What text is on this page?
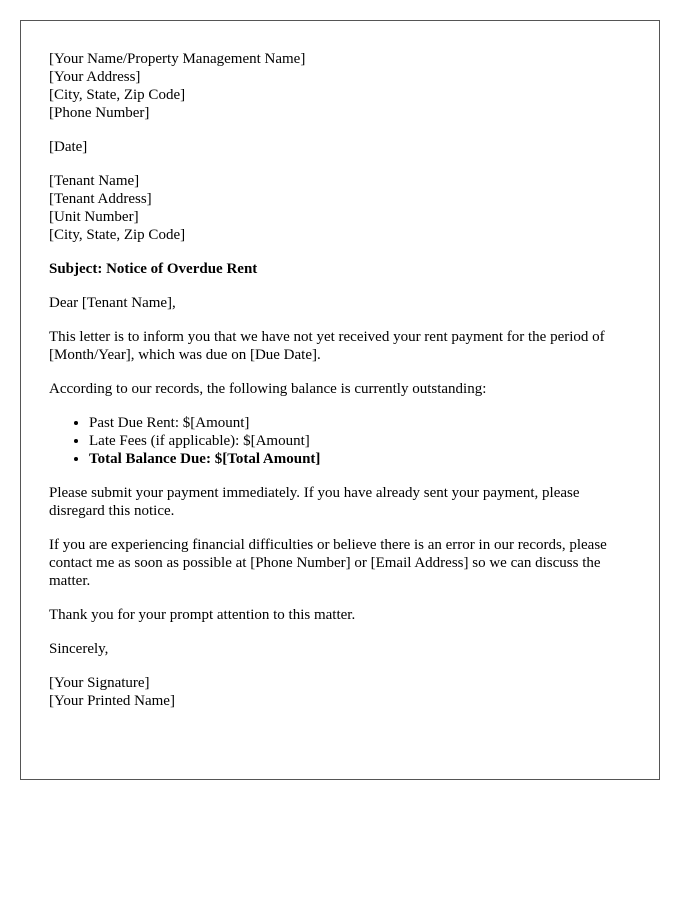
[Your Name/Property Management Name]
[Your Address]
[City, State, Zip Code]
[Phone Number]
[Date]
[Tenant Name]
[Tenant Address]
[Unit Number]
[City, State, Zip Code]

Subject: Notice of Overdue Rent

Dear [Tenant Name],

This letter is to inform you that we have not yet received your rent payment for the period of [Month/Year], which was due on [Due Date].

According to our records, the following balance is currently outstanding:

• Past Due Rent: $[Amount]
• Late Fees (if applicable): $[Amount]
• Total Balance Due: $[Total Amount]

Please submit your payment immediately. If you have already sent your payment, please disregard this notice.

If you are experiencing financial difficulties or believe there is an error in our records, please contact me as soon as possible at [Phone Number] or [Email Address] so we can discuss the matter.

Thank you for your prompt attention to this matter.

Sincerely,

[Your Signature]
[Your Printed Name]
